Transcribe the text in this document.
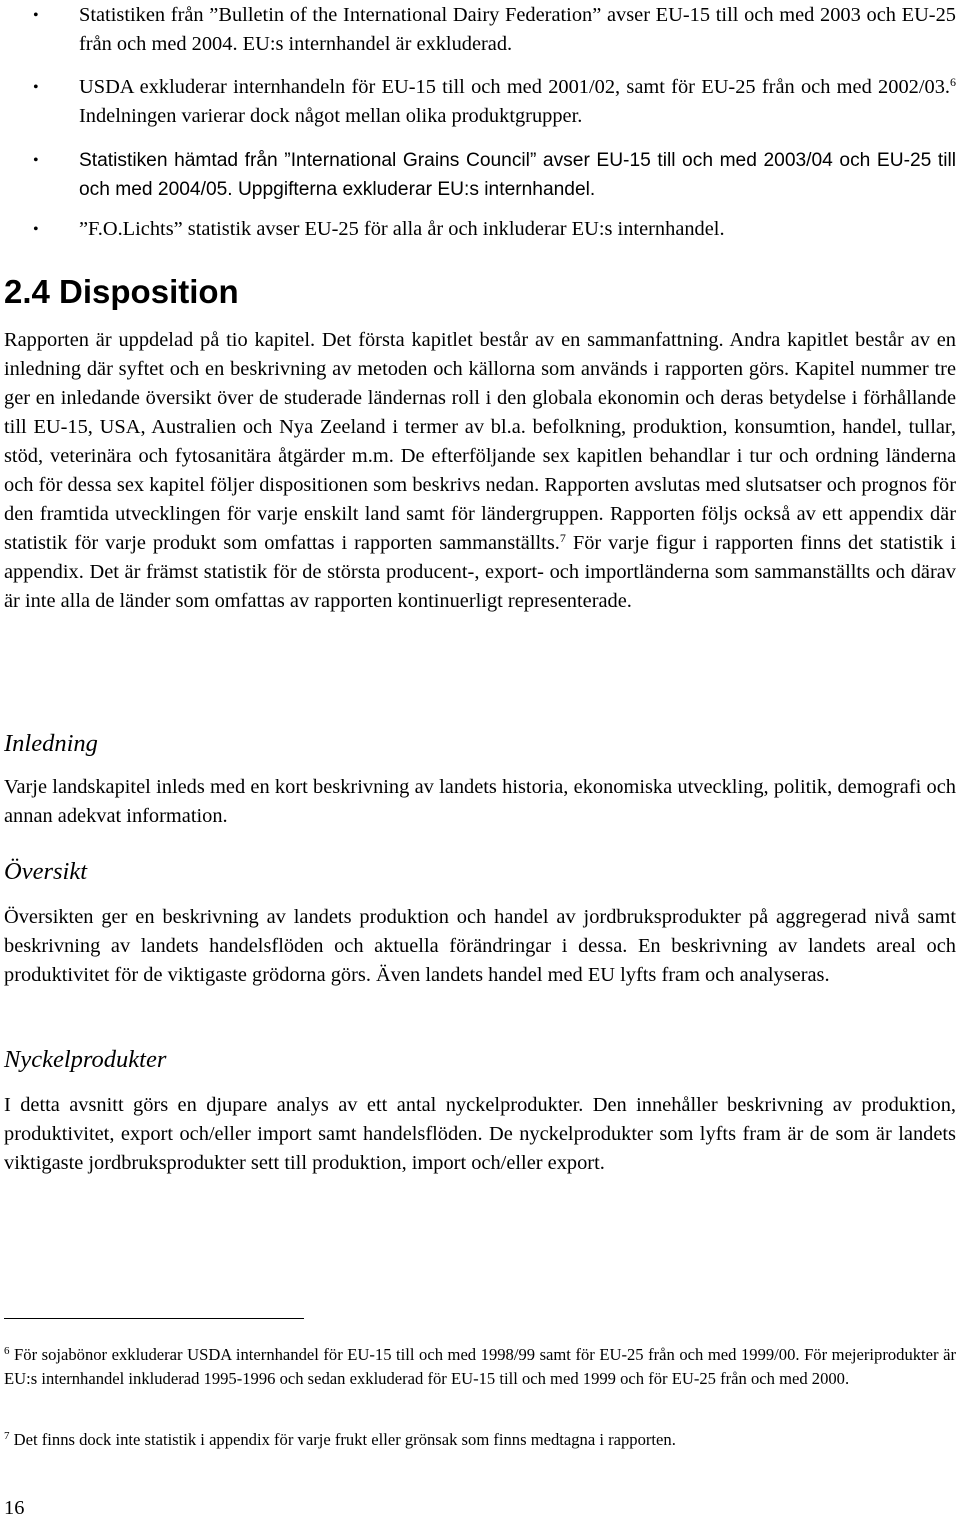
• Statistiken från ”Bulletin of the International Dairy Federation” avser EU-15 till och med 2003 och EU-25 från och med 2004. EU:s internhandel är exkluderad.
• USDA exkluderar internhandeln för EU-15 till och med 2001/02, samt för EU-25 från och med 2002/03.$^6$ Indelningen varierar dock något mellan olika produktgrupper.
• Statistiken hämtad från ”International Grains Council” avser EU-15 till och med 2003/04 och EU-25 till och med 2004/05. Uppgifterna exkluderar EU:s internhandel.
• ”F.O.Lichts” statistik avser EU-25 för alla år och inkluderar EU:s internhandel.
2.4 Disposition

Rapporten är uppdelad på tio kapitel. Det första kapitlet består av en sammanfattning. Andra kapitlet består av en inledning där syftet och en beskrivning av metoden och källorna som används i rapporten görs. Kapitel nummer tre ger en inledande översikt över de studerade ländernas roll i den globala ekonomin och deras betydelse i förhållande till EU-15, USA, Australien och Nya Zeeland i termer av bl.a. befolkning, produktion, konsumtion, handel, tullar, stöd, veterinära och fytosanitära åtgärder m.m. De efterföljande sex kapitlen behandlar i tur och ordning länderna och för dessa sex kapitel följer dispositionen som beskrivs nedan. Rapporten avslutas med slutsatser och prognos för den framtida utvecklingen för varje enskilt land samt för ländergruppen. Rapporten följs också av ett appendix där statistik för varje produkt som omfattas i rapporten sammanställts.$^7$ För varje figur i rapporten finns det statistik i appendix. Det är främst statistik för de största producent-, export- och importländerna som sammanställts och därav är inte alla de länder som omfattas av rapporten kontinuerligt representerade.

Inledning

Varje landskapitel inleds med en kort beskrivning av landets historia, ekonomiska utveckling, politik, demografi och annan adekvat information.

Översikt

Översikten ger en beskrivning av landets produktion och handel av jordbruksprodukter på aggregerad nivå samt beskrivning av landets handelsflöden och aktuella förändringar i dessa. En beskrivning av landets areal och produktivitet för de viktigaste grödorna görs. Även landets handel med EU lyfts fram och analyseras.

Nyckelprodukter

I detta avsnitt görs en djupare analys av ett antal nyckelprodukter. Den innehåller beskrivning av produktion, produktivitet, export och/eller import samt handelsflöden. De nyckelprodukter som lyfts fram är de som är landets viktigaste jordbruksprodukter sett till produktion, import och/eller export.

$^6$ För sojabönor exkluderar USDA internhandel för EU-15 till och med 1998/99 samt för EU-25 från och med 1999/00. För mejeriprodukter är EU:s internhandel inkluderad 1995-1996 och sedan exkluderad för EU-15 till och med 1999 och för EU-25 från och med 2000.

$^7$ Det finns dock inte statistik i appendix för varje frukt eller grönsak som finns medtagna i rapporten.

16
